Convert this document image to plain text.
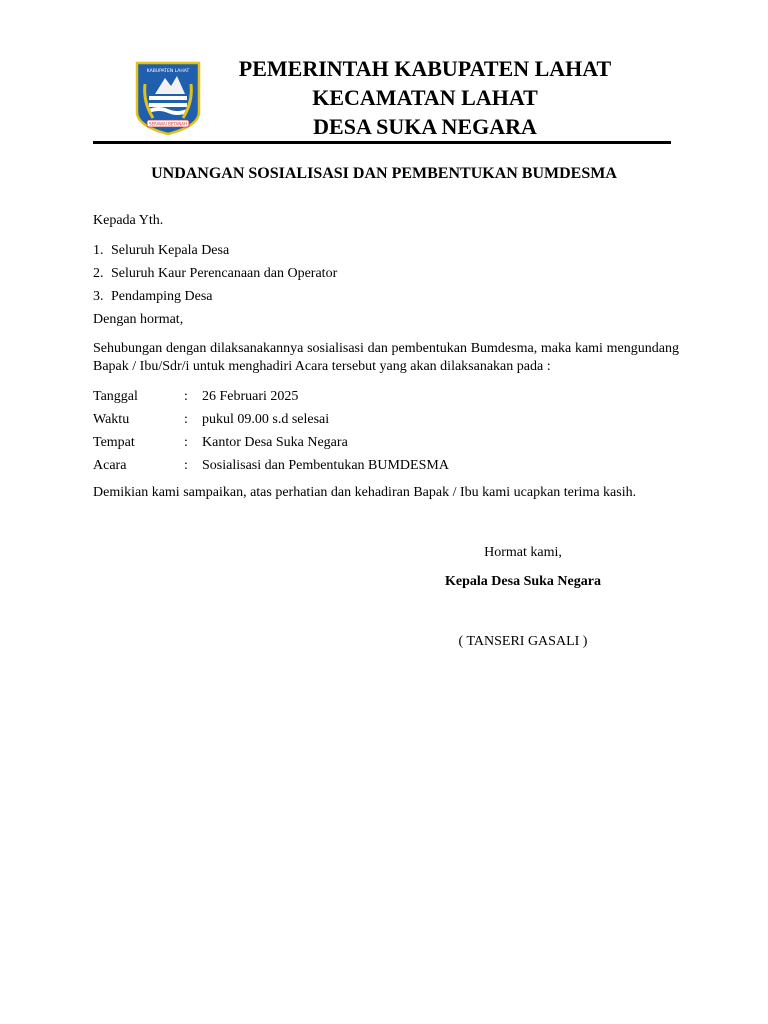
KABUPATEN LAHAT
SERAWAI BETANAH
PEMERINTAH KABUPATEN LAHAT
KECAMATAN LAHAT
DESA SUKA NEGARA
UNDANGAN SOSIALISASI DAN PEMBENTUKAN BUMDESMA
Kepada Yth.
1. Seluruh Kepala Desa
2. Seluruh Kaur Perencanaan dan Operator
3. Pendamping Desa
Dengan hormat,
Sehubungan dengan dilaksanakannya sosialisasi dan pembentukan Bumdesma, maka kami mengundang Bapak / Ibu/Sdr/i untuk menghadiri Acara tersebut yang akan dilaksanakan pada :
Tanggal	: 26 Februari 2025
Waktu	: pukul 09.00 s.d selesai
Tempat	: Kantor Desa Suka Negara
Acara	: Sosialisasi dan Pembentukan BUMDESMA
Demikian kami sampaikan, atas perhatian dan kehadiran Bapak / Ibu kami ucapkan terima kasih.
Hormat kami,
Kepala Desa Suka Negara
( TANSERI GASALI )
